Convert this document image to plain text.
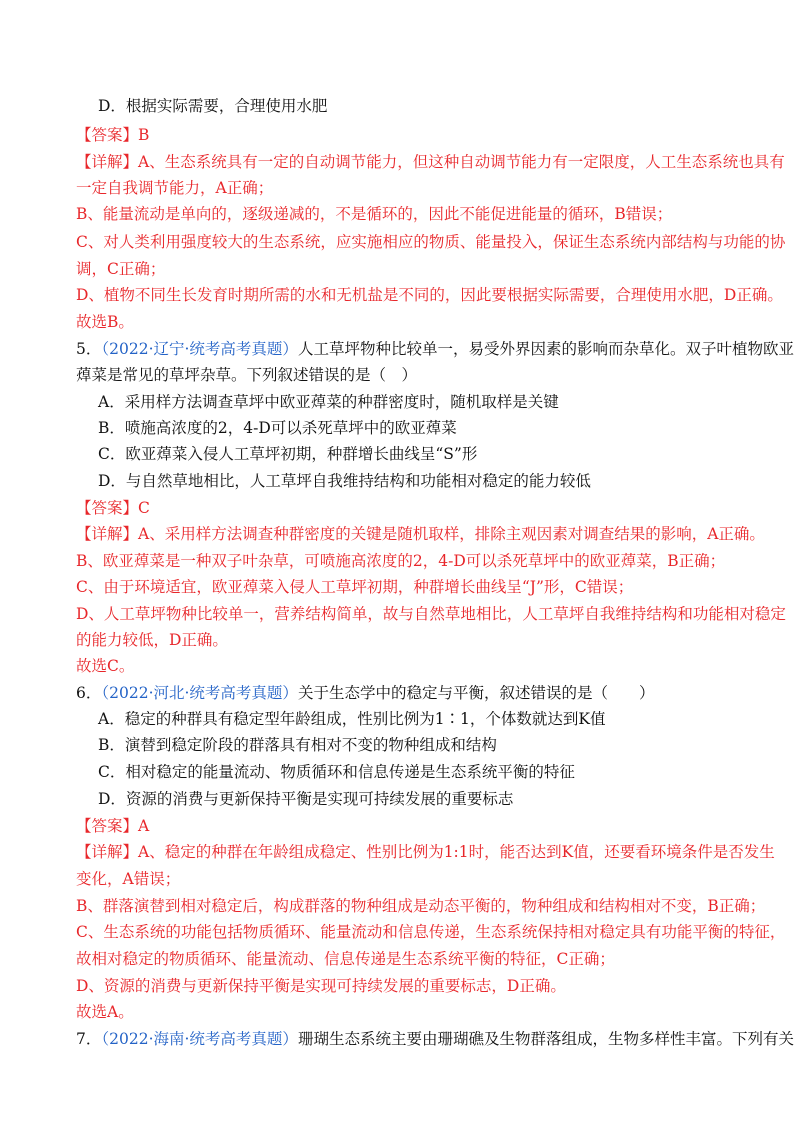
D．根据实际需要，合理使用水肥
【答案】B
【详解】A、生态系统具有一定的自动调节能力，但这种自动调节能力有一定限度，人工生态系统也具有
一定自我调节能力，A正确；
B、能量流动是单向的，逐级递减的，不是循环的，因此不能促进能量的循环，B错误；
C、对人类利用强度较大的生态系统，应实施相应的物质、能量投入，保证生态系统内部结构与功能的协
调，C正确；
D、植物不同生长发育时期所需的水和无机盐是不同的，因此要根据实际需要，合理使用水肥，D正确。
故选B。
5．（2022·辽宁·统考高考真题）人工草坪物种比较单一，易受外界因素的影响而杂草化。双子叶植物欧亚
蔊菜是常见的草坪杂草。下列叙述错误的是（　）
A．采用样方法调查草坪中欧亚蔊菜的种群密度时，随机取样是关键
B．喷施高浓度的2，4-D可以杀死草坪中的欧亚蔊菜
C．欧亚蔊菜入侵人工草坪初期，种群增长曲线呈“S”形
D．与自然草地相比，人工草坪自我维持结构和功能相对稳定的能力较低
【答案】C
【详解】A、采用样方法调查种群密度的关键是随机取样，排除主观因素对调查结果的影响，A正确。
B、欧亚蔊菜是一种双子叶杂草，可喷施高浓度的2，4-D可以杀死草坪中的欧亚蔊菜，B正确；
C、由于环境适宜，欧亚蔊菜入侵人工草坪初期，种群增长曲线呈“J”形，C错误；
D、人工草坪物种比较单一，营养结构简单，故与自然草地相比，人工草坪自我维持结构和功能相对稳定
的能力较低，D正确。
故选C。
6．（2022·河北·统考高考真题）关于生态学中的稳定与平衡，叙述错误的是（　　）
A．稳定的种群具有稳定型年龄组成，性别比例为1∶1，个体数就达到K值
B．演替到稳定阶段的群落具有相对不变的物种组成和结构
C．相对稳定的能量流动、物质循环和信息传递是生态系统平衡的特征
D．资源的消费与更新保持平衡是实现可持续发展的重要标志
【答案】A
【详解】A、稳定的种群在年龄组成稳定、性别比例为1:1时，能否达到K值，还要看环境条件是否发生
变化，A错误；
B、群落演替到相对稳定后，构成群落的物种组成是动态平衡的，物种组成和结构相对不变，B正确；
C、生态系统的功能包括物质循环、能量流动和信息传递，生态系统保持相对稳定具有功能平衡的特征，
故相对稳定的物质循环、能量流动、信息传递是生态系统平衡的特征，C正确；
D、资源的消费与更新保持平衡是实现可持续发展的重要标志，D正确。
故选A。
7．（2022·海南·统考高考真题）珊瑚生态系统主要由珊瑚礁及生物群落组成，生物多样性丰富。下列有关
